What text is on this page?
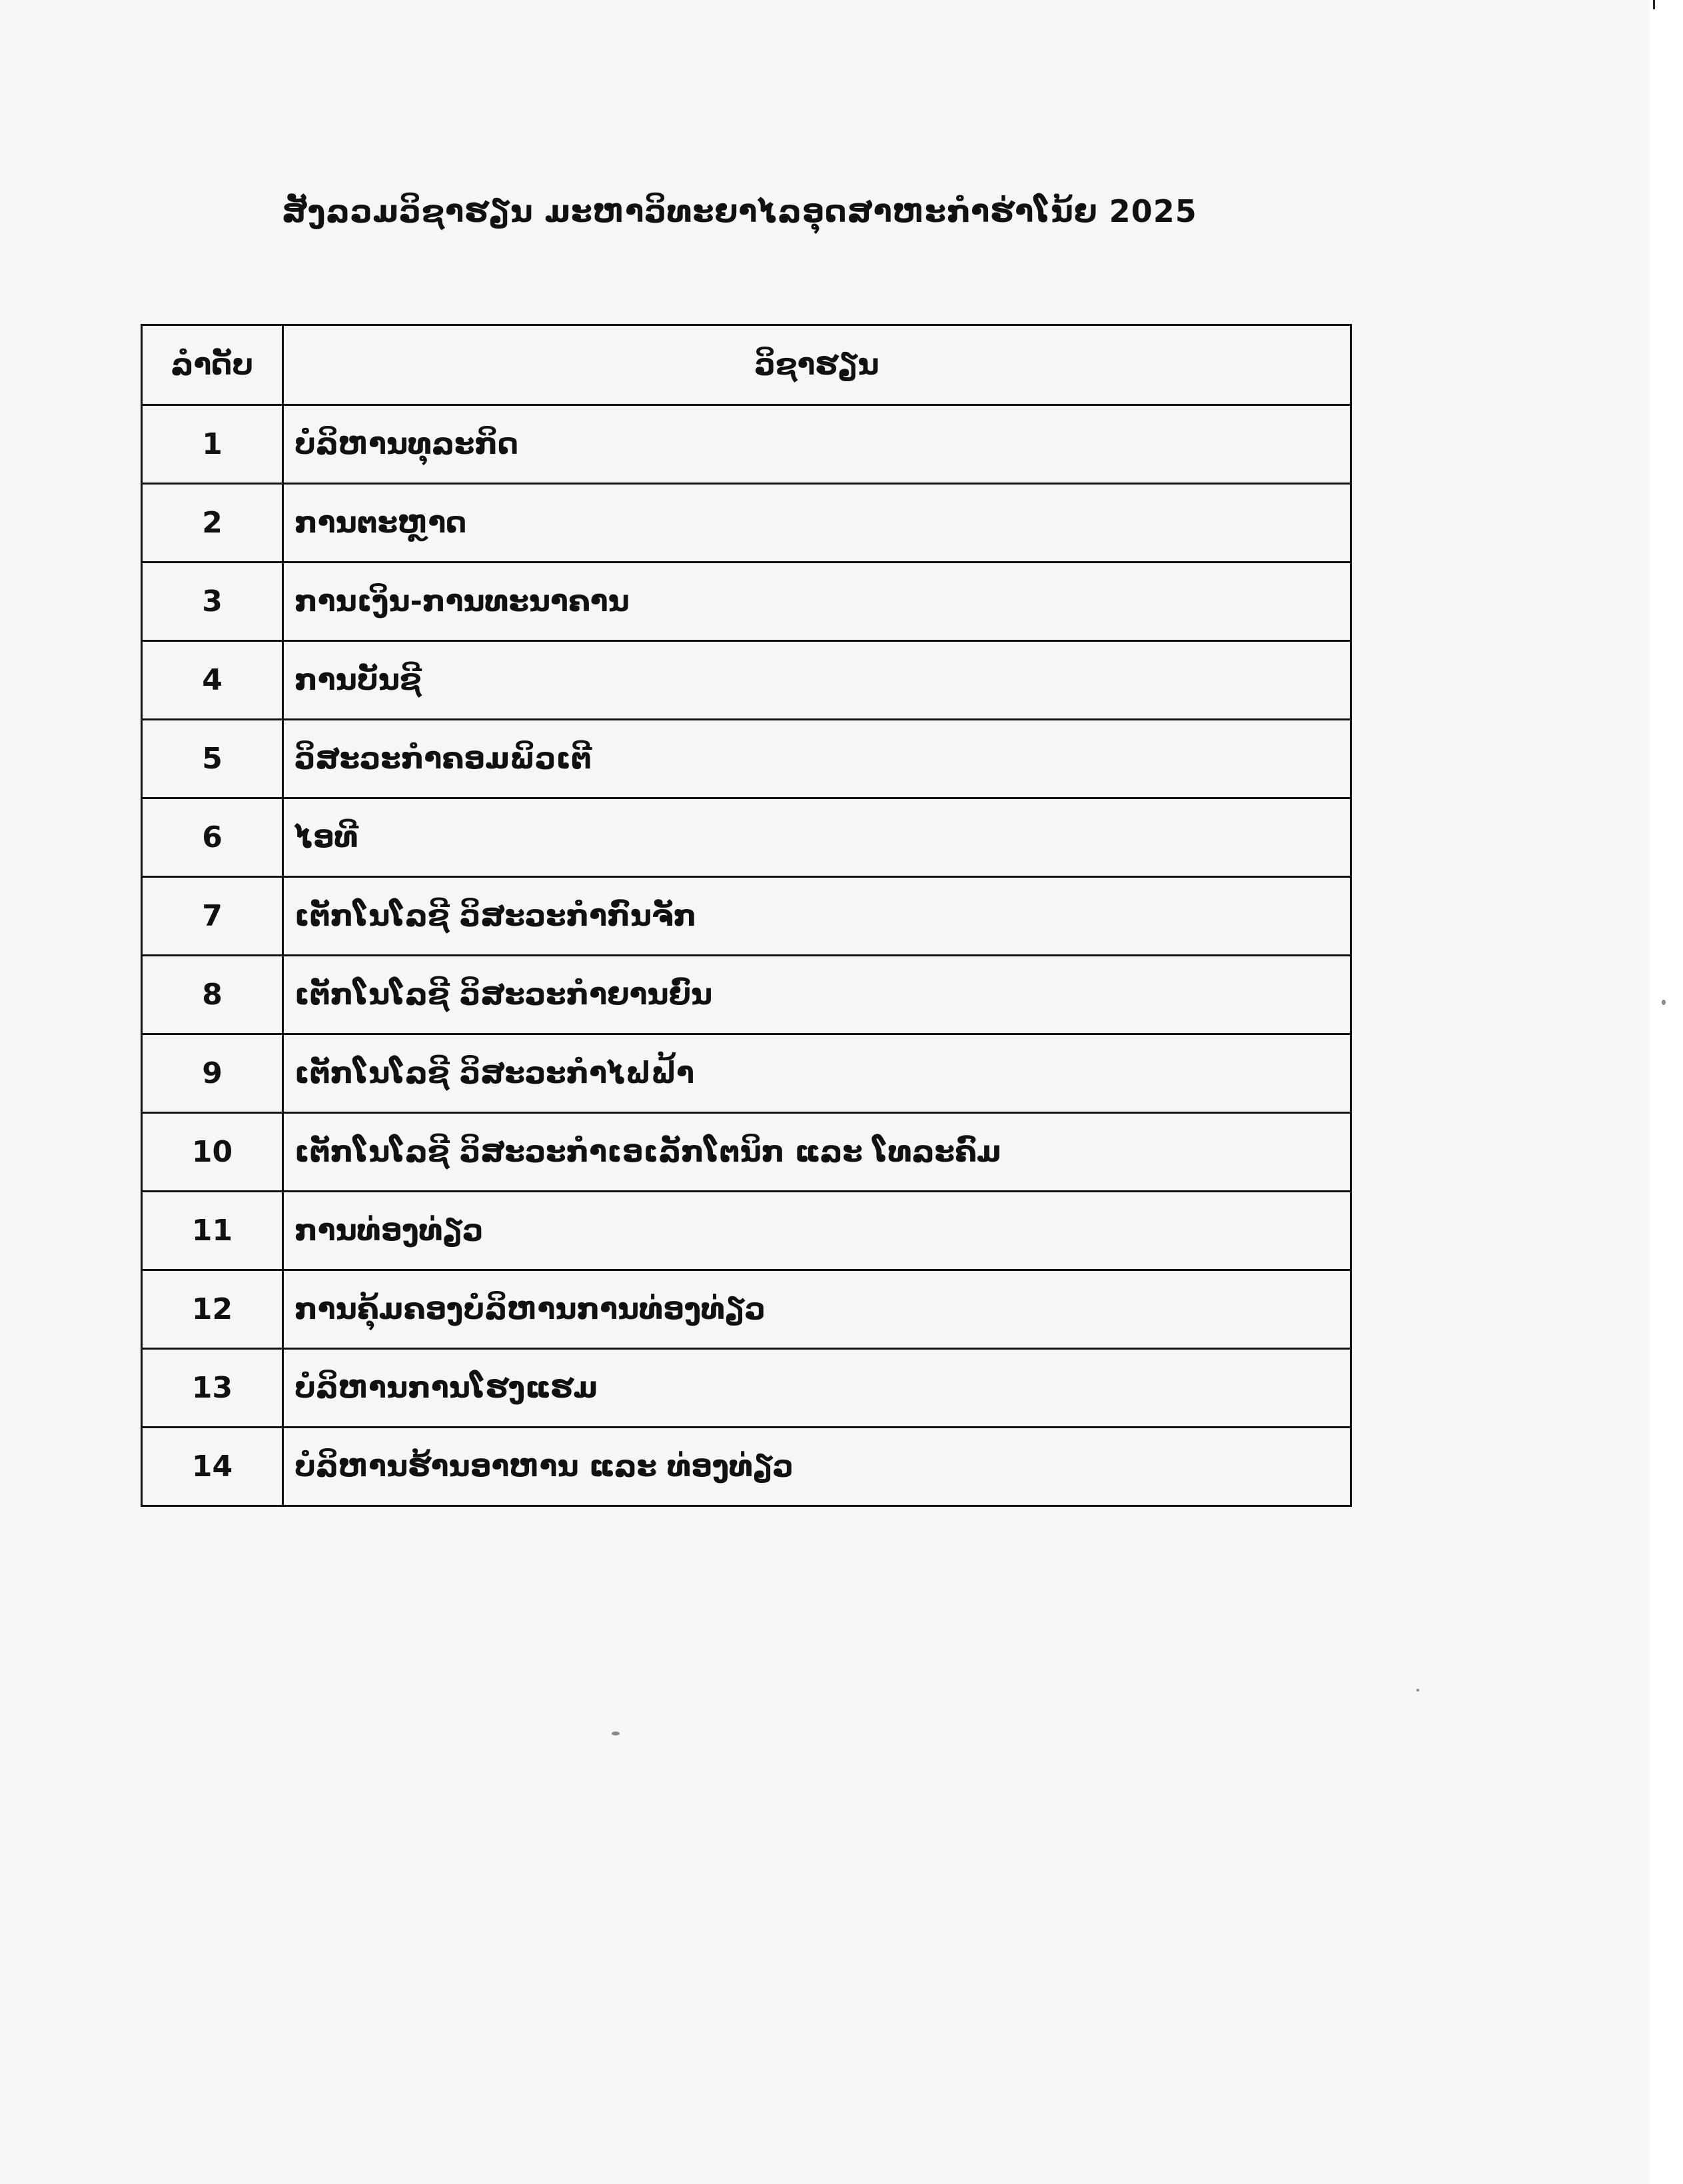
ສັງລວມວິຊາຮຽນ ມະຫາວິທະຍາໄລອຸດສາຫະກຳຮ່າໂນ້ຍ 2025
ລໍາດັບ	ວິຊາຮຽນ
1	ບໍລິຫານທຸລະກິດ
2	ການຕະຫຼາດ
3	ການເງິນ-ການທະນາຄານ
4	ການບັນຊີ
5	ວິສະວະກໍາຄອມພິວເຕີ
6	ໄອທີ
7	ເຕັກໂນໂລຊີ ວິສະວະກໍາກົນຈັກ
8	ເຕັກໂນໂລຊີ ວິສະວະກໍາຍານຍົນ
9	ເຕັກໂນໂລຊີ ວິສະວະກໍາໄຟຟ້າ
10	ເຕັກໂນໂລຊີ ວິສະວະກໍາເອເລັກໂຕນິກ ແລະ ໂທລະຄົມ
11	ການທ່ອງທ່ຽວ
12	ການຄຸ້ມຄອງບໍລິຫານການທ່ອງທ່ຽວ
13	ບໍລິຫານການໂຮງແຮມ
14	ບໍລິຫານຮ້ານອາຫານ ແລະ ທ່ອງທ່ຽວ
